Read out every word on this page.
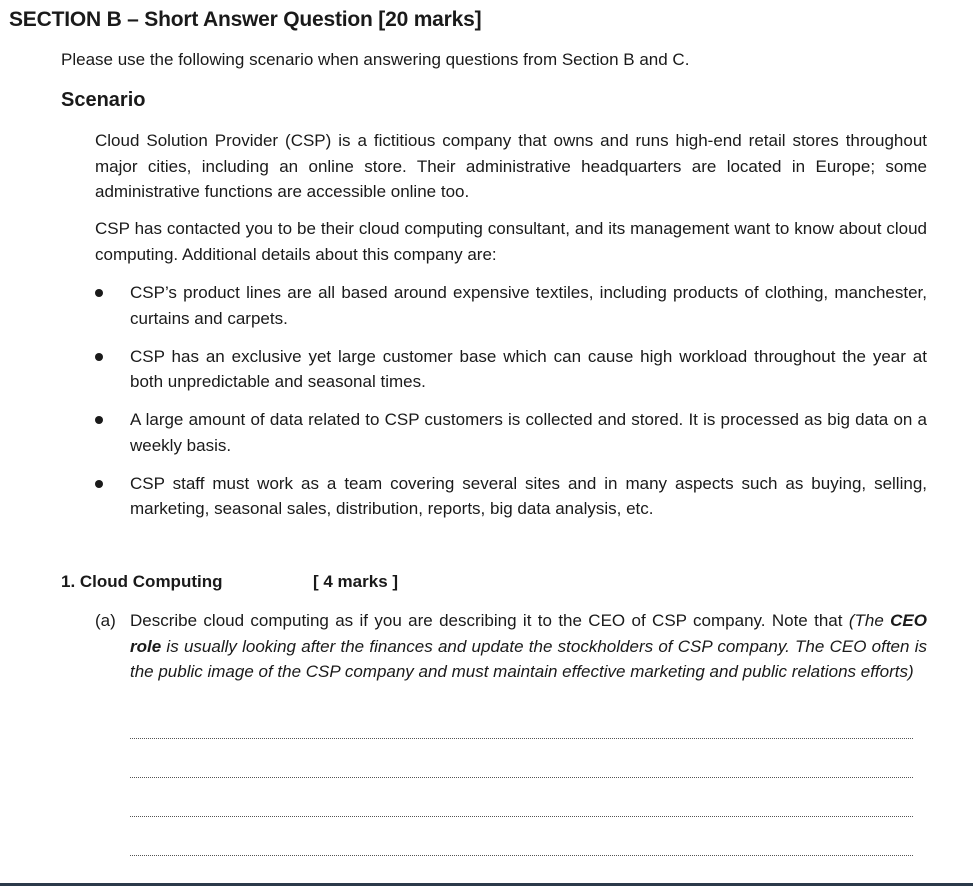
SECTION B – Short Answer Question [20 marks]
Please use the following scenario when answering questions from Section B and C.
Scenario
Cloud Solution Provider (CSP) is a fictitious company that owns and runs high-end retail stores throughout major cities, including an online store. Their administrative headquarters are located in Europe; some administrative functions are accessible online too.
CSP has contacted you to be their cloud computing consultant, and its management want to know about cloud computing. Additional details about this company are:
CSP’s product lines are all based around expensive textiles, including products of clothing, manchester, curtains and carpets.
CSP has an exclusive yet large customer base which can cause high workload throughout the year at both unpredictable and seasonal times.
A large amount of data related to CSP customers is collected and stored. It is processed as big data on a weekly basis.
CSP staff must work as a team covering several sites and in many aspects such as buying, selling, marketing, seasonal sales, distribution, reports, big data analysis, etc.
1. Cloud Computing	[ 4 marks ]
(a) Describe cloud computing as if you are describing it to the CEO of CSP company. Note that (The CEO role is usually looking after the finances and update the stockholders of CSP company. The CEO often is the public image of the CSP company and must maintain effective marketing and public relations efforts)
